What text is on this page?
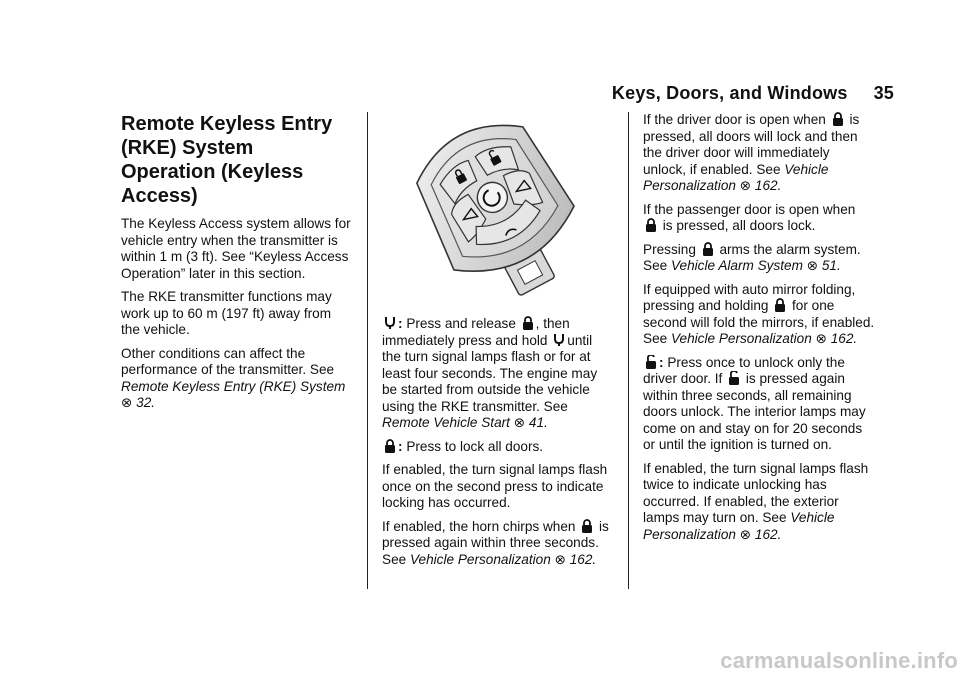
Keys, Doors, and Windows 35
Remote Keyless Entry (RKE) System Operation (Keyless Access)

The Keyless Access system allows for vehicle entry when the transmitter is within 1 m (3 ft). See “Keyless Access Operation” later in this section.

The RKE transmitter functions may work up to 60 m (197 ft) away from the vehicle.

Other conditions can affect the performance of the transmitter. See Remote Keyless Entry (RKE) System ⊗ 32.

: Press and release , then immediately press and hold until the turn signal lamps flash or for at least four seconds. The engine may be started from outside the vehicle using the RKE transmitter. See Remote Vehicle Start ⊗ 41.

: Press to lock all doors.

If enabled, the turn signal lamps flash once on the second press to indicate locking has occurred.

If enabled, the horn chirps when is pressed again within three seconds. See Vehicle Personalization ⊗ 162.

If the driver door is open when is pressed, all doors will lock and then the driver door will immediately unlock, if enabled. See Vehicle Personalization ⊗ 162.

If the passenger door is open when
is pressed, all doors lock.

Pressing arms the alarm system. See Vehicle Alarm System ⊗ 51.

If equipped with auto mirror folding, pressing and holding for one second will fold the mirrors, if enabled. See Vehicle Personalization ⊗ 162.

: Press once to unlock only the driver door. If is pressed again within three seconds, all remaining doors unlock. The interior lamps may come on and stay on for 20 seconds or until the ignition is turned on.

If enabled, the turn signal lamps flash twice to indicate unlocking has occurred. If enabled, the exterior lamps may turn on. See Vehicle Personalization ⊗ 162.

carmanualsonline.info
